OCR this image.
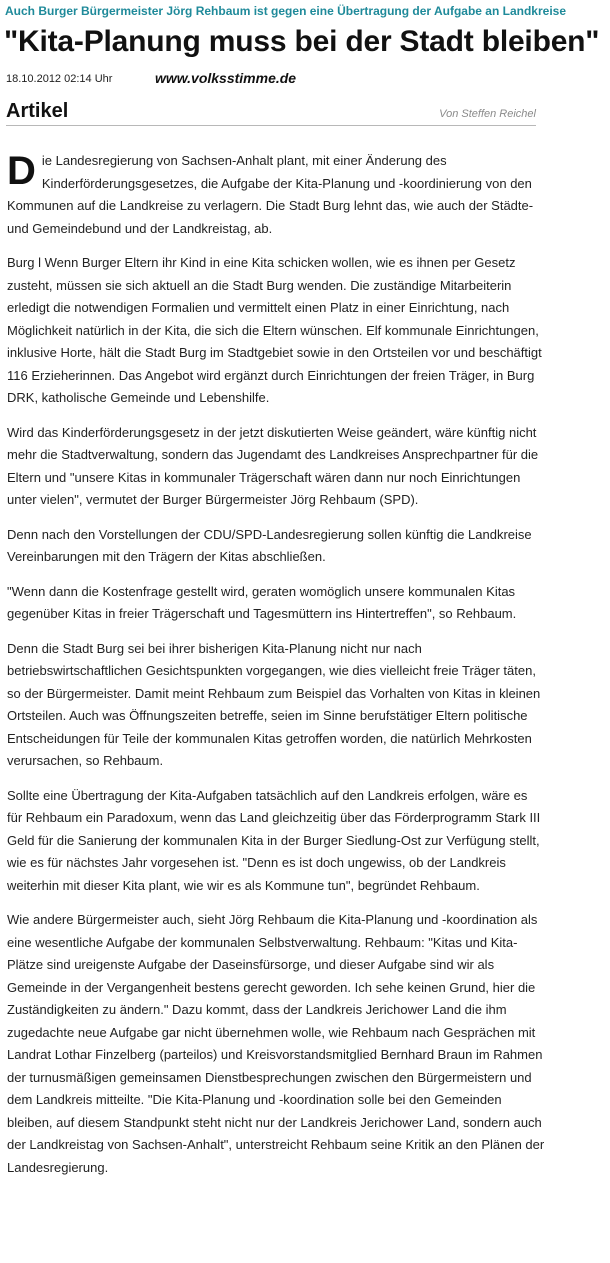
Auch Burger Bürgermeister Jörg Rehbaum ist gegen eine Übertragung der Aufgabe an Landkreise
"Kita-Planung muss bei der Stadt bleiben"
18.10.2012 02:14 Uhr	www.volksstimme.de
Artikel	Von Steffen Reichel

Die Landesregierung von Sachsen-Anhalt plant, mit einer Änderung des Kinderförderungsgesetzes, die Aufgabe der Kita-Planung und -koordinierung von den Kommunen auf die Landkreise zu verlagern. Die Stadt Burg lehnt das, wie auch der Städte- und Gemeindebund und der Landkreistag, ab.

Burg l Wenn Burger Eltern ihr Kind in eine Kita schicken wollen, wie es ihnen per Gesetz zusteht, müssen sie sich aktuell an die Stadt Burg wenden. Die zuständige Mitarbeiterin erledigt die notwendigen Formalien und vermittelt einen Platz in einer Einrichtung, nach Möglichkeit natürlich in der Kita, die sich die Eltern wünschen. Elf kommunale Einrichtungen, inklusive Horte, hält die Stadt Burg im Stadtgebiet sowie in den Ortsteilen vor und beschäftigt 116 Erzieherinnen. Das Angebot wird ergänzt durch Einrichtungen der freien Träger, in Burg DRK, katholische Gemeinde und Lebenshilfe.

Wird das Kinderförderungsgesetz in der jetzt diskutierten Weise geändert, wäre künftig nicht mehr die Stadtverwaltung, sondern das Jugendamt des Landkreises Ansprechpartner für die Eltern und "unsere Kitas in kommunaler Trägerschaft wären dann nur noch Einrichtungen unter vielen", vermutet der Burger Bürgermeister Jörg Rehbaum (SPD).

Denn nach den Vorstellungen der CDU/SPD-Landesregierung sollen künftig die Landkreise Vereinbarungen mit den Trägern der Kitas abschließen.

"Wenn dann die Kostenfrage gestellt wird, geraten womöglich unsere kommunalen Kitas gegenüber Kitas in freier Trägerschaft und Tagesmüttern ins Hintertreffen", so Rehbaum.

Denn die Stadt Burg sei bei ihrer bisherigen Kita-Planung nicht nur nach betriebswirtschaftlichen Gesichtspunkten vorgegangen, wie dies vielleicht freie Träger täten, so der Bürgermeister. Damit meint Rehbaum zum Beispiel das Vorhalten von Kitas in kleinen Ortsteilen. Auch was Öffnungszeiten betreffe, seien im Sinne berufstätiger Eltern politische Entscheidungen für Teile der kommunalen Kitas getroffen worden, die natürlich Mehrkosten verursachen, so Rehbaum.

Sollte eine Übertragung der Kita-Aufgaben tatsächlich auf den Landkreis erfolgen, wäre es für Rehbaum ein Paradoxum, wenn das Land gleichzeitig über das Förderprogramm Stark III Geld für die Sanierung der kommunalen Kita in der Burger Siedlung-Ost zur Verfügung stellt, wie es für nächstes Jahr vorgesehen ist. "Denn es ist doch ungewiss, ob der Landkreis weiterhin mit dieser Kita plant, wie wir es als Kommune tun", begründet Rehbaum.

Wie andere Bürgermeister auch, sieht Jörg Rehbaum die Kita-Planung und -koordination als eine wesentliche Aufgabe der kommunalen Selbstverwaltung. Rehbaum: "Kitas und Kita-Plätze sind ureigenste Aufgabe der Daseinsfürsorge, und dieser Aufgabe sind wir als Gemeinde in der Vergangenheit bestens gerecht geworden. Ich sehe keinen Grund, hier die Zuständigkeiten zu ändern." Dazu kommt, dass der Landkreis Jerichower Land die ihm zugedachte neue Aufgabe gar nicht übernehmen wolle, wie Rehbaum nach Gesprächen mit Landrat Lothar Finzelberg (parteilos) und Kreisvorstandsmitglied Bernhard Braun im Rahmen der turnusmäßigen gemeinsamen Dienstbesprechungen zwischen den Bürgermeistern und dem Landkreis mitteilte. "Die Kita-Planung und -koordination solle bei den Gemeinden bleiben, auf diesem Standpunkt steht nicht nur der Landkreis Jerichower Land, sondern auch der Landkreistag von Sachsen-Anhalt", unterstreicht Rehbaum seine Kritik an den Plänen der Landesregierung.
